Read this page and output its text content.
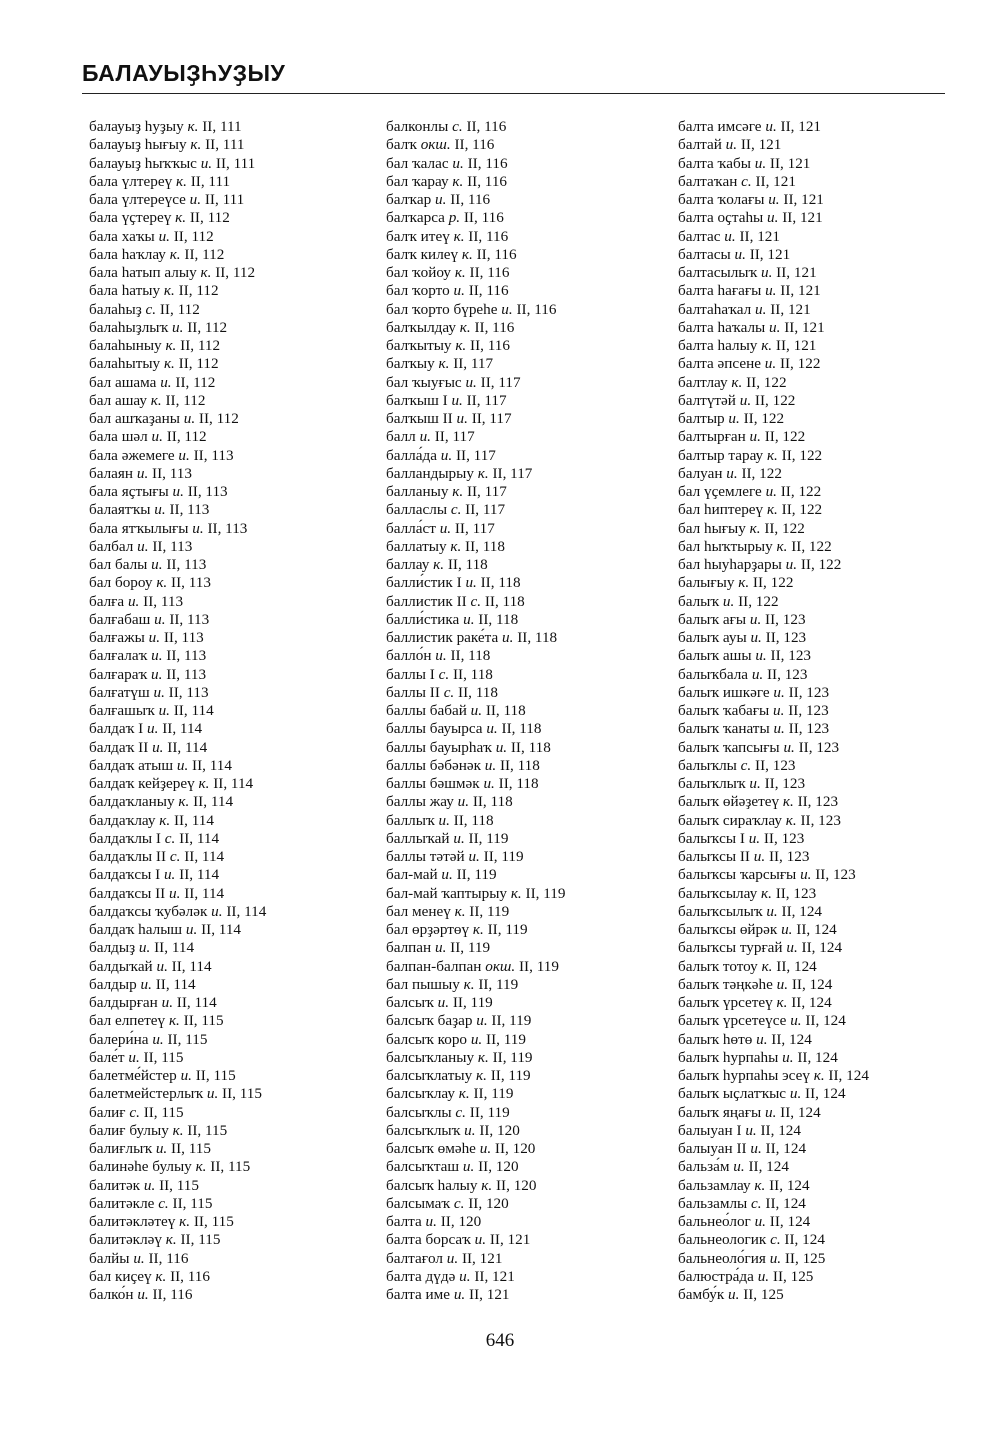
БАЛАУЫҘҺУҘЫУ
балауыҙ һуҙыу к. II, 111
балауыҙ һығыу к. II, 111
балауыҙ һыҡҡыс и. II, 111
бала үлтереү к. II, 111
бала үлтереүсе и. II, 111
бала үҫтереү к. II, 112
бала хаҡы и. II, 112
бала һаҡлау к. II, 112
бала һатып алыу к. II, 112
бала һатыу к. II, 112
балаһыҙ с. II, 112
балаһыҙлыҡ и. II, 112
балаһыныу к. II, 112
балаһытыу к. II, 112
бал ашама и. II, 112
бал ашау к. II, 112
бал ашҡаҙаны и. II, 112
бала шәл и. II, 112
бала әжемеге и. II, 113
балаян и. II, 113
бала яҫтығы и. II, 113
балаятҡы и. II, 113
бала ятҡылығы и. II, 113
балбал и. II, 113
бал балы и. II, 113
бал бороу к. II, 113
балға и. II, 113
балғабаш и. II, 113
балғажы и. II, 113
балғалаҡ и. II, 113
балғараҡ и. II, 113
балғатүш и. II, 113
балғашыҡ и. II, 114
балдаҡ I и. II, 114
балдаҡ II и. II, 114
балдаҡ атыш и. II, 114
балдаҡ кейҙереү к. II, 114
балдаҡланыу к. II, 114
балдаҡлау к. II, 114
балдаҡлы I с. II, 114
балдаҡлы II с. II, 114
балдаҡсы I и. II, 114
балдаҡсы II и. II, 114
балдаҡсы ҡубәләк и. II, 114
балдаҡ һалыш и. II, 114
балдыҙ и. II, 114
балдыҡай и. II, 114
балдыр и. II, 114
балдырған и. II, 114
бал елпетеү к. II, 115
балери́на и. II, 115
бале́т и. II, 115
балетме́йстер и. II, 115
балетмейстерлыҡ и. II, 115
балиғ с. II, 115
балиғ булыу к. II, 115
балиғлыҡ и. II, 115
балинәһе булыу к. II, 115
балитәк и. II, 115
балитәкле с. II, 115
балитәкләтеү к. II, 115
балитәкләү к. II, 115
балйы и. II, 116
бал киҫеү к. II, 116
балко́н и. II, 116
балконлы с. II, 116
балҡ окш. II, 116
бал ҡалас и. II, 116
бал ҡарау к. II, 116
балҡар и. II, 116
балҡарса р. II, 116
балҡ итеү к. II, 116
балҡ килеү к. II, 116
бал ҡойоу к. II, 116
бал ҡорто и. II, 116
бал ҡорто бүреһе и. II, 116
балҡылдау к. II, 116
балҡытыу к. II, 116
балҡыу к. II, 117
бал ҡыуғыс и. II, 117
балҡыш I и. II, 117
балҡыш II и. II, 117
балл и. II, 117
балла́да и. II, 117
балландырыу к. II, 117
балланыу к. II, 117
балласлы с. II, 117
балла́ст и. II, 117
баллатыу к. II, 118
баллау к. II, 118
балли́стик I и. II, 118
баллистик II с. II, 118
балли́стика и. II, 118
баллистик раке́та и. II, 118
балло́н и. II, 118
баллы I с. II, 118
баллы II с. II, 118
баллы бабай и. II, 118
баллы бауырса и. II, 118
баллы бауырһаҡ и. II, 118
баллы бәбәнәк и. II, 118
баллы бәшмәк и. II, 118
баллы жау и. II, 118
баллыҡ и. II, 118
баллыҡай и. II, 119
баллы тәтәй и. II, 119
бал-май и. II, 119
бал-май ҡаптырыу к. II, 119
бал менеү к. II, 119
бал өрҙәртөү к. II, 119
балпан и. II, 119
балпан-балпан окш. II, 119
бал пышыу к. II, 119
балсыҡ и. II, 119
балсыҡ баҙар и. II, 119
балсыҡ коро и. II, 119
балсыҡланыу к. II, 119
балсыҡлатыу к. II, 119
балсыҡлау к. II, 119
балсыҡлы с. II, 119
балсыҡлыҡ и. II, 120
балсыҡ өмәһе и. II, 120
балсыҡташ и. II, 120
балсыҡ һалыу к. II, 120
балсымаҡ с. II, 120
балта и. II, 120
балта борсаҡ и. II, 121
балтағол и. II, 121
балта дүдә и. II, 121
балта име и. II, 121
балта имсәге и. II, 121
балтай и. II, 121
балта ҡабы и. II, 121
балтаҡан с. II, 121
балта ҡолағы и. II, 121
балта оҫтаһы и. II, 121
балтас и. II, 121
балтасы и. II, 121
балтасылыҡ и. II, 121
балта һағағы и. II, 121
балтаһаҡал и. II, 121
балта һаҡалы и. II, 121
балта һалыу к. II, 121
балта әпсене и. II, 122
балтлау к. II, 122
балтүтәй и. II, 122
балтыр и. II, 122
балтырған и. II, 122
балтыр тарау к. II, 122
балуан и. II, 122
бал үҫемлеге и. II, 122
бал һиптереү к. II, 122
бал һығыу к. II, 122
бал һыҡтырыу к. II, 122
бал һыуһарҙары и. II, 122
балығыу к. II, 122
балыҡ и. II, 122
балыҡ ағы и. II, 123
балыҡ ауы и. II, 123
балыҡ ашы и. II, 123
балыҡбала и. II, 123
балыҡ ишкәге и. II, 123
балыҡ ҡабағы и. II, 123
балыҡ ҡанаты и. II, 123
балыҡ ҡапсығы и. II, 123
балыҡлы с. II, 123
балыҡлыҡ и. II, 123
балыҡ өйәҙетеү к. II, 123
балыҡ сираҡлау к. II, 123
балыҡсы I и. II, 123
балыҡсы II и. II, 123
балыҡсы ҡарсығы и. II, 123
балыҡсылау к. II, 123
балыҡсылыҡ и. II, 124
балыҡсы өйрәк и. II, 124
балыҡсы турғай и. II, 124
балыҡ тотоу к. II, 124
балыҡ тәңкәһе и. II, 124
балыҡ үрсетеү к. II, 124
балыҡ үрсетеүсе и. II, 124
балыҡ һөтө и. II, 124
балыҡ һурпаһы и. II, 124
балыҡ һурпаһы эсеү к. II, 124
балыҡ ыҫлатҡыс и. II, 124
балыҡ яңағы и. II, 124
балыуан I и. II, 124
балыуан II и. II, 124
бальза́м и. II, 124
бальзамлау к. II, 124
бальзамлы с. II, 124
бальнео́лог и. II, 124
бальнеологик с. II, 124
бальнеоло́гия и. II, 125
балюстра́да и. II, 125
бамбу́к и. II, 125
646
